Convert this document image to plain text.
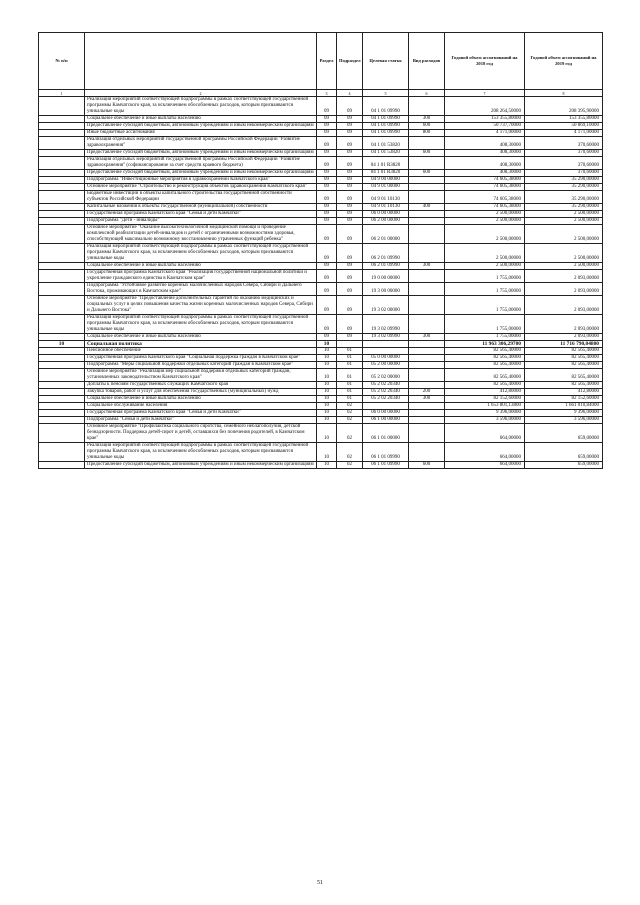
№ п/п		Раздел	Подраздел	Целевая статья	Вид расходов	Годовой объем ассигнований на 2018 год	Годовой объем ассигнований на 2019 год
1	2	3	4	5	6	7	8
	Реализация мероприятий соответствующей подпрограммы в рамках соответствующей государственной программы Камчатского края, за исключением обособленных расходов, которым присваиваются уникальные коды	09	09	04 1 01 09990		208 264,50000	208 395,90000
	Социальное обеспечение и иные выплаты населению	09	09	04 1 01 09990	300	153 355,80000	153 355,80000
	Предоставление субсидий бюджетным, автономным учреждениям и иным некоммерческим организациям	09	09	04 1 01 09990	600	50 737,70000	50 869,10000
	Иные бюджетные ассигнования	09	09	04 1 01 09990	800	4 171,00000	4 171,00000
	Реализация отдельных мероприятий государственной программы Российской Федерации "Развитие здравоохранения"	09	09	04 1 01 53820		408,30000	370,60000
	Предоставление субсидий бюджетным, автономным учреждениям и иным некоммерческим организациям	09	09	04 1 01 53820	600	408,30000	370,60000
	Реализация отдельных мероприятий государственной программы Российской Федерации "Развитие здравоохранения" (софинансирование за счет средств краевого бюджета)	09	09	04 1 01 R3820		408,30000	370,60000
	Предоставление субсидий бюджетным, автономным учреждениям и иным некоммерческим организациям	09	09	04 1 01 R3820	600	408,30000	370,60000
	Подпрограмма "Инвестиционные мероприятия в здравоохранении Камчатского края"	09	09	04 9 00 00000		74 605,38000	35 290,00000
	Основное мероприятие "Строительство и реконструкция объектов здравоохранения Камчатского края"	09	09	04 9 01 00000		74 605,38000	35 290,00000
	Бюджетные инвестиции в объекты капитального строительства государственной собственности субъектов Российской Федерации	09	09	04 9 01 10130		74 605,38000	35 290,00000
	Капитальные вложения в объекты государственной (муниципальной) собственности	09	09	04 9 01 10130	400	74 605,38000	35 290,00000
	Государственная программа Камчатского края "Семья и дети Камчатки"	09	09	06 0 00 00000		2 500,00000	2 500,00000
	Подпрограмма "Дети - инвалиды"	09	09	06 2 00 00000		2 500,00000	2 500,00000
	Основное мероприятие "Оказание высокотехнологичной медицинской помощи и проведение комплексной реабилитации детей-инвалидов и детей с ограниченными возможностями здоровья, способствующей максимально возможному восстановлению утраченных функций ребенка"	09	09	06 2 01 00000		2 500,00000	2 500,00000
	Реализация мероприятий соответствующей подпрограммы в рамках соответствующей государственной программы Камчатского края, за исключением обособленных расходов, которым присваиваются уникальные коды	09	09	06 2 01 09990		2 500,00000	2 500,00000
	Социальное обеспечение и иные выплаты населению	09	09	06 2 01 09990	300	2 500,00000	2 500,00000
	Государственная программа Камчатского края "Реализация государственной национальной политики и укрепление гражданского единства в Камчатском крае"	09	09	19 0 00 00000		1 755,00000	2 093,00000
	Подпрограмма "Устойчивое развитие коренных малочисленных народов Севера, Сибири и Дальнего Востока, проживающих в Камчатском крае"	09	09	19 3 00 00000		1 755,00000	2 093,00000
	Основное мероприятие "Предоставление дополнительных гарантий по оказанию медицинских и социальных услуг в целях повышения качества жизни коренных малочисленных народов Севера, Сибири и Дальнего Востока"	09	09	19 3 02 00000		1 755,00000	2 093,00000
	Реализация мероприятий соответствующей подпрограммы в рамках соответствующей государственной программы Камчатского края, за исключением обособленных расходов, которым присваиваются уникальные коды	09	09	19 3 02 09990		1 755,00000	2 093,00000
	Социальное обеспечение и иные выплаты населению	09	09	19 3 02 09990	300	1 755,00000	2 093,00000
10	Социальная политика	10				11 963 306,29700	11 716 790,04800
	Пенсионное обеспечение	10	01			82 565,40000	82 565,40000
	Государственная программа Камчатского края "Социальная поддержка граждан в Камчатском крае"	10	01	05 0 00 00000		82 565,40000	82 565,40000
	Подпрограмма "Меры социальной поддержки отдельных категорий граждан в Камчатском крае"	10	01	05 2 00 00000		82 565,40000	82 565,40000
	Основное мероприятие "Реализация мер социальной поддержки отдельных категорий граждан, установленных законодательством Камчатского края"	10	01	05 2 02 00000		82 565,40000	82 565,40000
	Доплаты к пенсиям государственных служащих Камчатского края	10	01	05 2 02 20340		82 565,40000	82 565,40000
	Закупка товаров, работ и услуг для обеспечения государственных (муниципальных) нужд	10	01	05 2 02 20340	200	412,80000	412,80000
	Социальное обеспечение и иные выплаты населению	10	01	05 2 02 20340	300	82 152,60000	82 152,60000
	Социальное обслуживание населения	10	02			1 653 801,13800	1 661 010,84000
	Государственная программа Камчатского края "Семья и дети Камчатки"	10	02	06 0 00 00000		9 396,00000	9 396,00000
	Подпрограмма "Семья и дети Камчатки"	10	02	06 1 00 00000		3 596,00000	3 596,00000
	Основное мероприятие "Профилактика социального сиротства, семейного неблагополучия, детской безнадзорности. Поддержка детей-сирот и детей, оставшихся без попечения родителей, в Камчатском крае"	10	02	06 1 01 00000		664,00000	659,00000
	Реализация мероприятий соответствующей подпрограммы в рамках соответствующей государственной программы Камчатского края, за исключением обособленных расходов, которым присваиваются уникальные коды	10	02	06 1 01 09990		664,00000	659,00000
	Предоставление субсидий бюджетным, автономным учреждениям и иным некоммерческим организациям	10	02	06 1 01 09990	600	664,00000	659,00000
51
